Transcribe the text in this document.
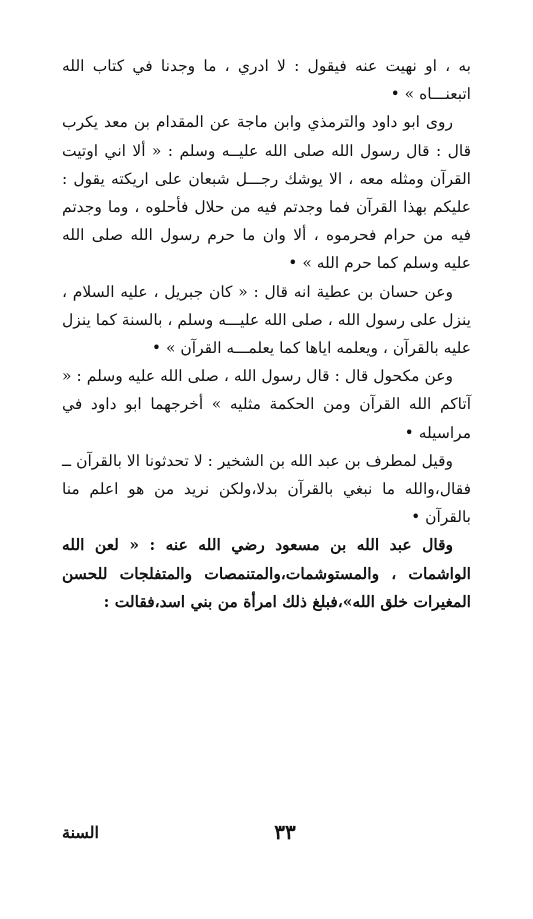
به ، او نهيت عنه فيقول : لا ادري ، ما وجدنا في كتاب الله اتبعنـــاه » •

روى ابو داود والترمذي وابن ماجة عن المقدام بن معد يكرب قال : قال رسول الله صلى الله عليــه وسلم : « ألا اني اوتيت القرآن ومثله معه ، الا يوشك رجـــل شبعان على اريكته يقول : عليكم بهذا القرآن فما وجدتم فيه من حلال فأحلوه ، وما وجدتم فيه من حرام فحرموه ، ألا وان ما حرم رسول الله صلى الله عليه وسلم كما حرم الله » •

وعن حسان بن عطية انه قال : « كان جبريل ، عليه السلام ، ينزل على رسول الله ، صلى الله عليـــه وسلم ، بالسنة كما ينزل عليه بالقرآن ، ويعلمه اياها كما يعلمـــه القرآن » •

وعن مكحول قال : قال رسول الله ، صلى الله عليه وسلم : « آتاكم الله القرآن ومن الحكمة مثليه » أخرجهما ابو داود في مراسيله •

وقيل لمطرف بن عبد الله بن الشخير : لا تحدثونا الا بالقرآن ــ فقال،والله ما نبغي بالقرآن بدلا،ولكن نريد من هو اعلم منا بالقرآن •

وقال عبد الله بن مسعود رضي الله عنه : « لعن الله الواشمات ، والمستوشمات،والمتنمصات والمتفلجات للحسن المغيرات خلق الله»،فبلغ ذلك امرأة من بني اسد،فقالت :

السنة	٣٣
